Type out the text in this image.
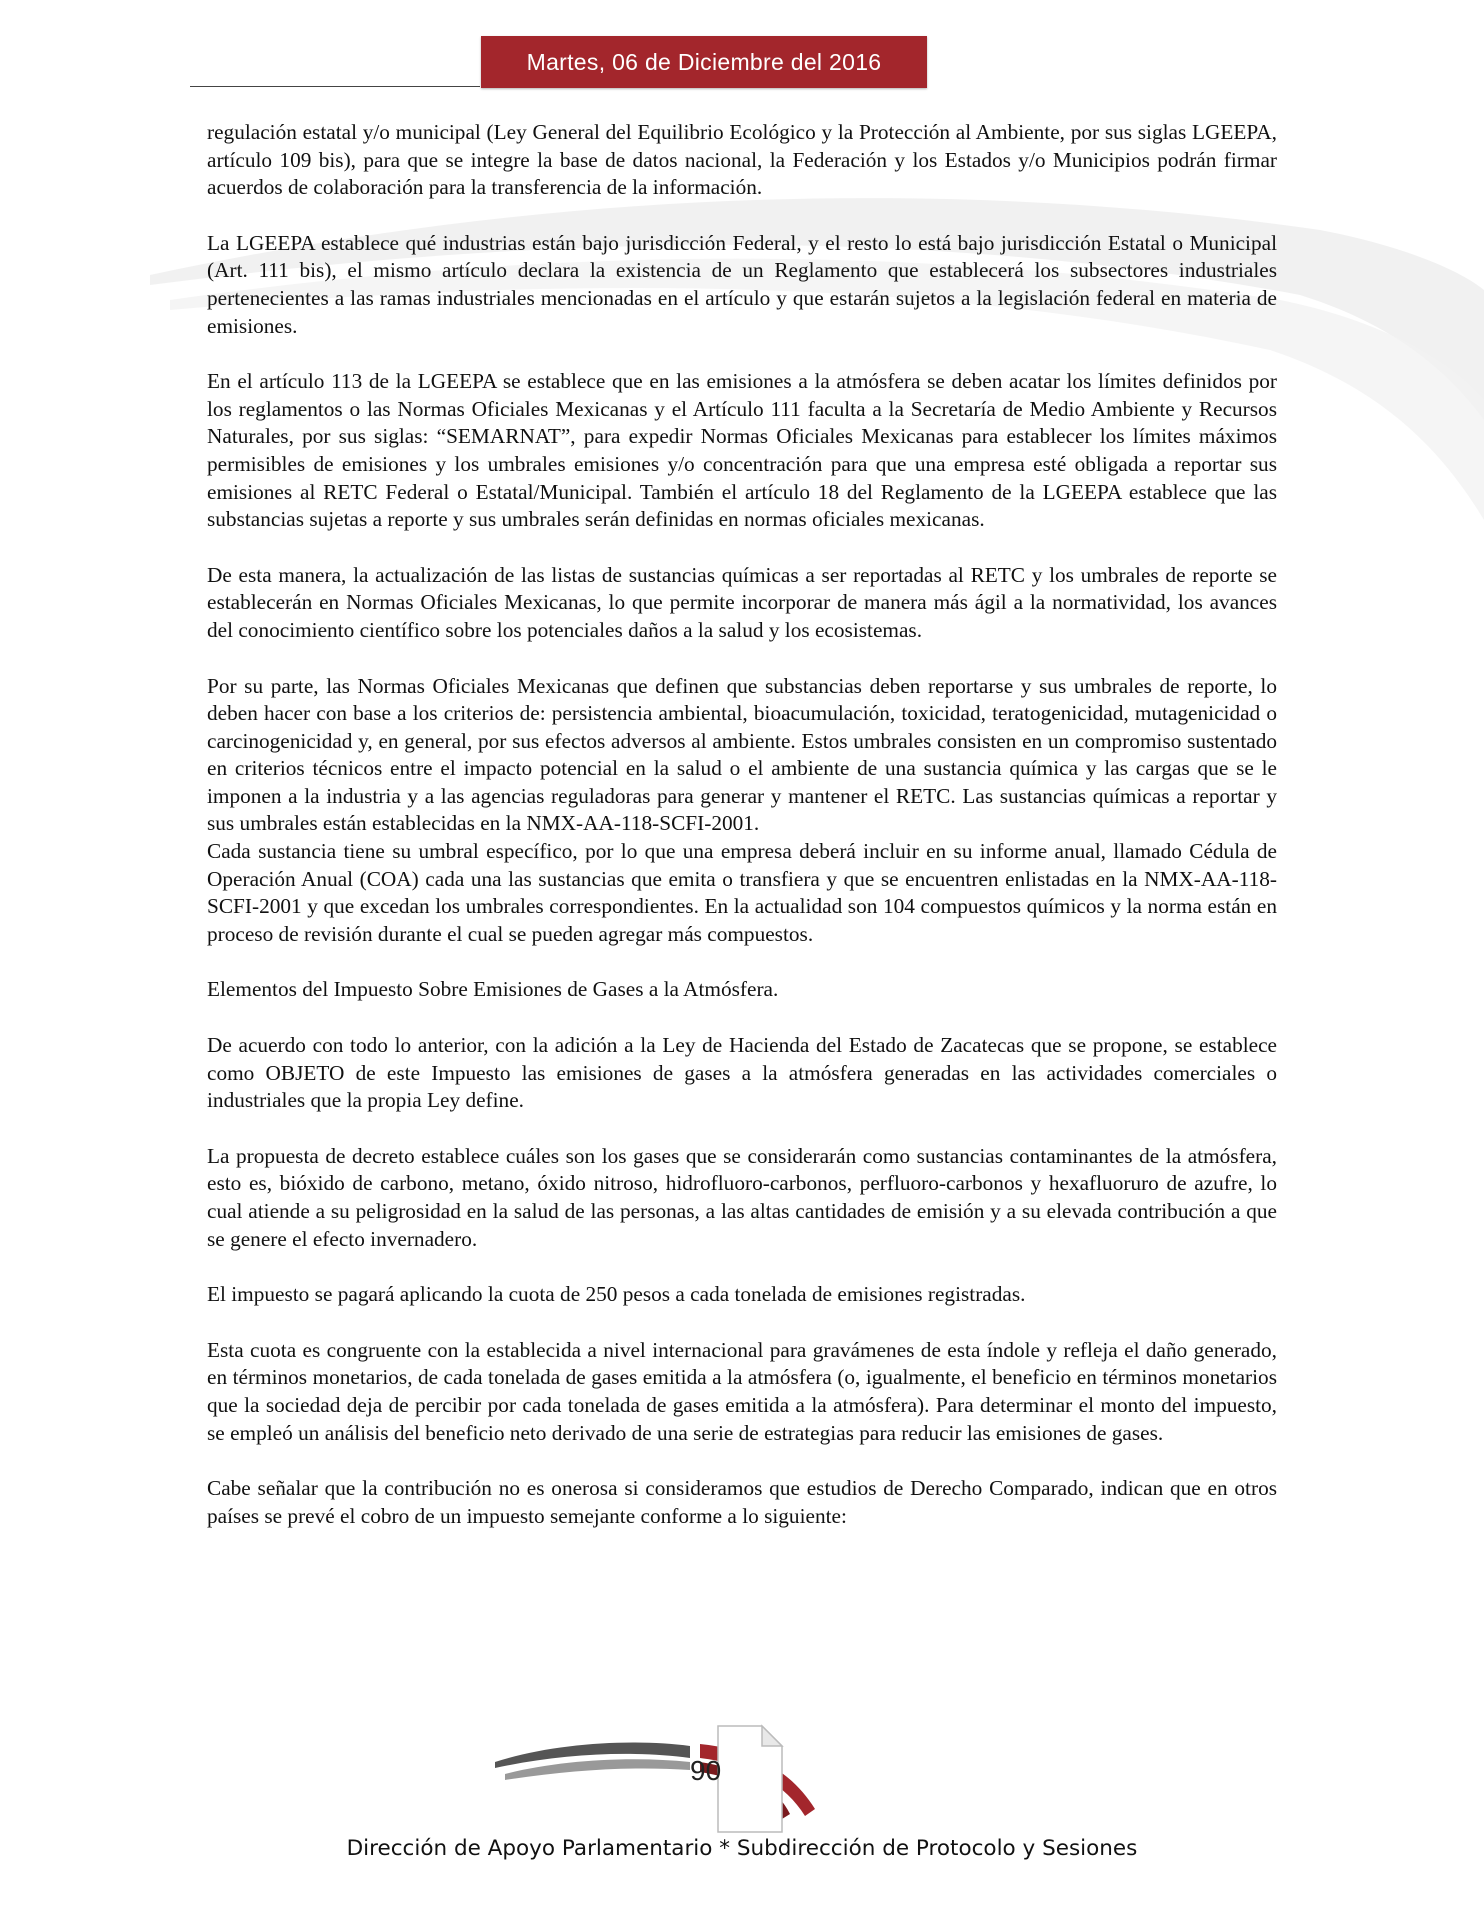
Martes, 06 de Diciembre del 2016

regulación estatal y/o municipal (Ley General del Equilibrio Ecológico y la Protección al Ambiente, por sus siglas LGEEPA, artículo 109 bis), para que se integre la base de datos nacional, la Federación y los Estados y/o Municipios podrán firmar acuerdos de colaboración para la transferencia de la información.

La LGEEPA establece qué industrias están bajo jurisdicción Federal, y el resto lo está bajo jurisdicción Estatal o Municipal (Art. 111 bis), el mismo artículo declara la existencia de un Reglamento que establecerá los subsectores industriales pertenecientes a las ramas industriales mencionadas en el artículo y que estarán sujetos a la legislación federal en materia de emisiones.

En el artículo 113 de la LGEEPA se establece que en las emisiones a la atmósfera se deben acatar los límites definidos por los reglamentos o las Normas Oficiales Mexicanas y el Artículo 111 faculta a la Secretaría de Medio Ambiente y Recursos Naturales, por sus siglas: “SEMARNAT”, para expedir Normas Oficiales Mexicanas para establecer los límites máximos permisibles de emisiones y los umbrales emisiones y/o concentración para que una empresa esté obligada a reportar sus emisiones al RETC Federal o Estatal/Municipal. También el artículo 18 del Reglamento de la LGEEPA establece que las substancias sujetas a reporte y sus umbrales serán definidas en normas oficiales mexicanas.

De esta manera, la actualización de las listas de sustancias químicas a ser reportadas al RETC y los umbrales de reporte se establecerán en Normas Oficiales Mexicanas, lo que permite incorporar de manera más ágil a la normatividad, los avances del conocimiento científico sobre los potenciales daños a la salud y los ecosistemas.

Por su parte, las Normas Oficiales Mexicanas que definen que substancias deben reportarse y sus umbrales de reporte, lo deben hacer con base a los criterios de: persistencia ambiental, bioacumulación, toxicidad, teratogenicidad, mutagenicidad o carcinogenicidad y, en general, por sus efectos adversos al ambiente. Estos umbrales consisten en un compromiso sustentado en criterios técnicos entre el impacto potencial en la salud o el ambiente de una sustancia química y las cargas que se le imponen a la industria y a las agencias reguladoras para generar y mantener el RETC. Las sustancias químicas a reportar y sus umbrales están establecidas en la NMX-AA-118-SCFI-2001.

Cada sustancia tiene su umbral específico, por lo que una empresa deberá incluir en su informe anual, llamado Cédula de Operación Anual (COA) cada una las sustancias que emita o transfiera y que se encuentren enlistadas en la NMX-AA-118-SCFI-2001 y que excedan los umbrales correspondientes. En la actualidad son 104 compuestos químicos y la norma están en proceso de revisión durante el cual se pueden agregar más compuestos.

Elementos del Impuesto Sobre Emisiones de Gases a la Atmósfera.

De acuerdo con todo lo anterior, con la adición a la Ley de Hacienda del Estado de Zacatecas que se propone, se establece como OBJETO de este Impuesto las emisiones de gases a la atmósfera generadas en las actividades comerciales o industriales que la propia Ley define.

La propuesta de decreto establece cuáles son los gases que se considerarán como sustancias contaminantes de la atmósfera, esto es, bióxido de carbono, metano, óxido nitroso, hidrofluoro-carbonos, perfluoro-carbonos y hexafluoruro de azufre, lo cual atiende a su peligrosidad en la salud de las personas, a las altas cantidades de emisión y a su elevada contribución a que se genere el efecto invernadero.

El impuesto se pagará aplicando la cuota de 250 pesos a cada tonelada de emisiones registradas.

Esta cuota es congruente con la establecida a nivel internacional para gravámenes de esta índole y refleja el daño generado, en términos monetarios, de cada tonelada de gases emitida a la atmósfera (o, igualmente, el beneficio en términos monetarios que la sociedad deja de percibir por cada tonelada de gases emitida a la atmósfera). Para determinar el monto del impuesto, se empleó un análisis del beneficio neto derivado de una serie de estrategias para reducir las emisiones de gases.

Cabe señalar que la contribución no es onerosa si consideramos que estudios de Derecho Comparado, indican que en otros países se prevé el cobro de un impuesto semejante conforme a lo siguiente:

90
Dirección de Apoyo Parlamentario * Subdirección de Protocolo y Sesiones
